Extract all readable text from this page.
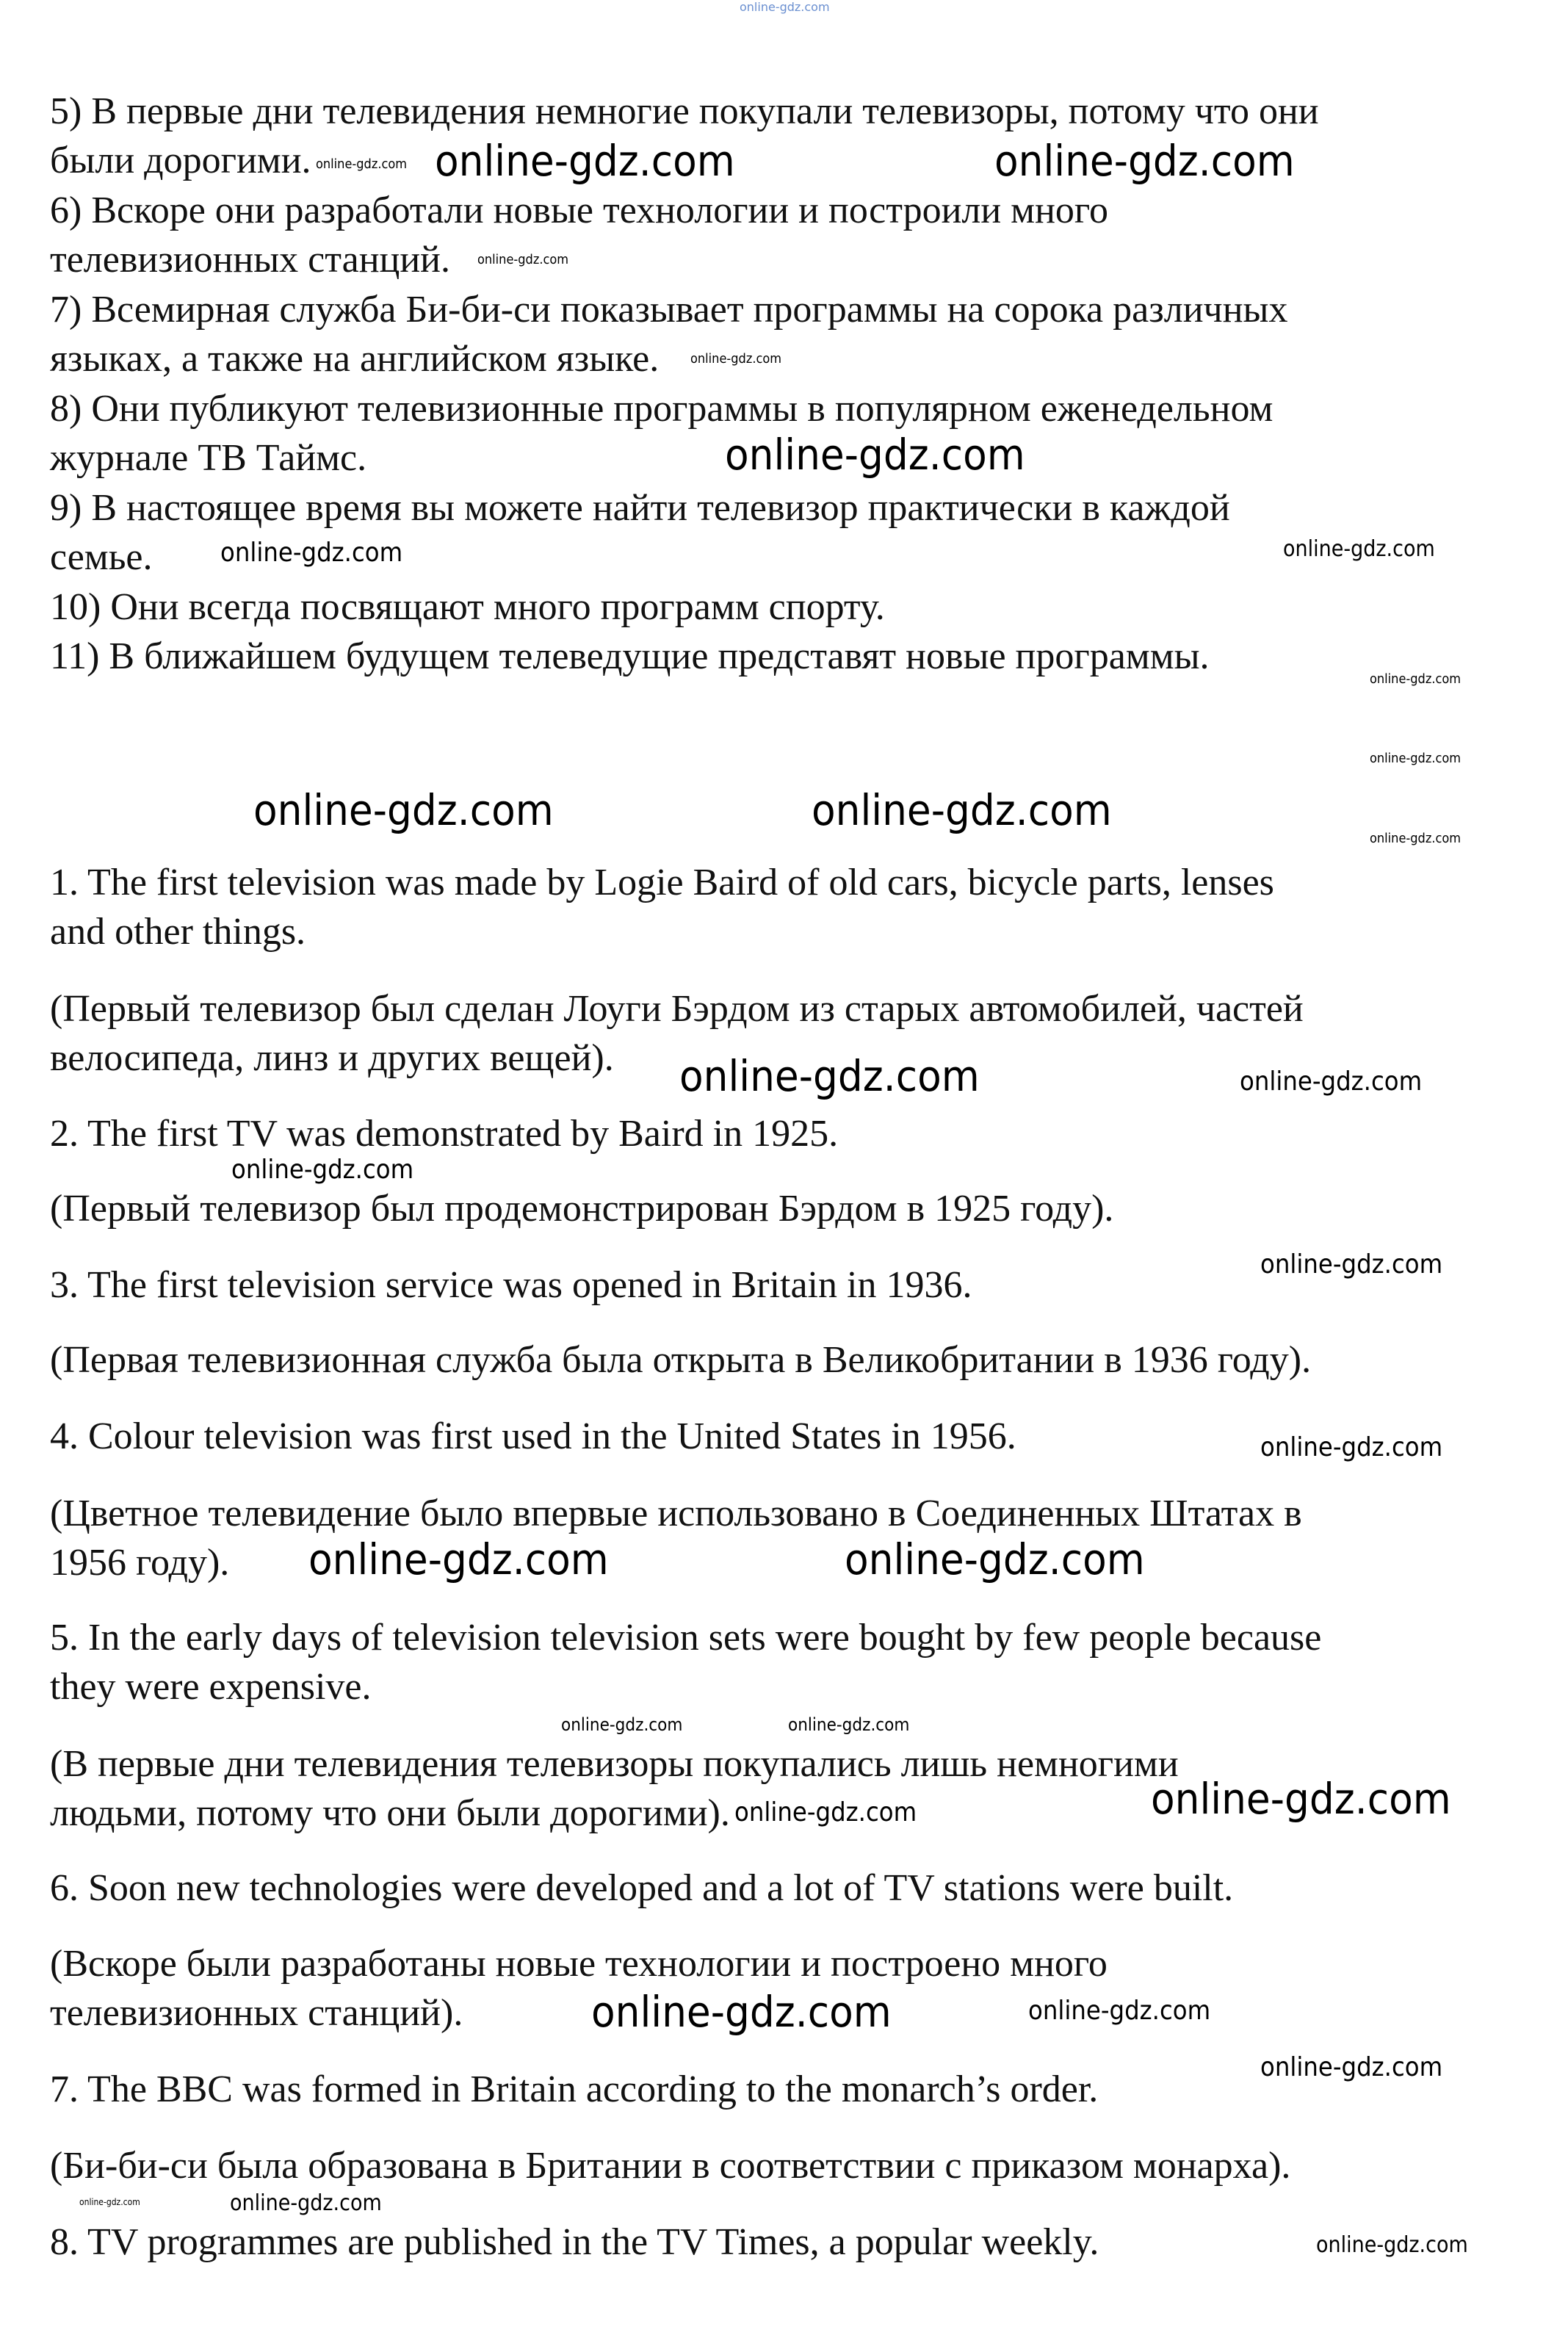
5) В первые дни телевидения немногие покупали телевизоры, потому что они
были дорогими.
6) Вскоре они разработали новые технологии и построили много
телевизионных станций.
7) Всемирная служба Би-би-си показывает программы на сорока различных
языках, а также на английском языке.
8) Они публикуют телевизионные программы в популярном еженедельном
журнале ТВ Таймс.
9) В настоящее время вы можете найти телевизор практически в каждой
семье.
10) Они всегда посвящают много программ спорту.
11) В ближайшем будущем телеведущие представят новые программы.
1. The first television was made by Logie Baird of old cars, bicycle parts, lenses
and other things.
(Первый телевизор был сделан Лоуги Бэрдом из старых автомобилей, частей
велосипеда, линз и других вещей).
2. The first TV was demonstrated by Baird in 1925.
(Первый телевизор был продемонстрирован Бэрдом в 1925 году).
3. The first television service was opened in Britain in 1936.
(Первая телевизионная служба была открыта в Великобритании в 1936 году).
4. Colour television was first used in the United States in 1956.
(Цветное телевидение было впервые использовано в Соединенных Штатах в
1956 году).
5. In the early days of television television sets were bought by few people because
they were expensive.
(В первые дни телевидения телевизоры покупались лишь немногими
людьми, потому что они были дорогими).
6. Soon new technologies were developed and a lot of TV stations were built.
(Вскоре были разработаны новые технологии и построено много
телевизионных станций).
7. The BBC was formed in Britain according to the monarch’s order.
(Би-би-си была образована в Британии в соответствии с приказом монарха).
8. TV programmes are published in the TV Times, a popular weekly.
online-gdz.com
online-gdz.com	online-gdz.com
online-gdz.com
online-gdz.com	online-gdz.com
online-gdz.com
online-gdz.com	online-gdz.com
online-gdz.com
online-gdz.com
online-gdz.com	online-gdz.com
online-gdz.com
online-gdz.com
online-gdz.com
online-gdz.com
online-gdz.com
online-gdz.com
online-gdz.com
online-gdz.com
online-gdz.com
online-gdz.com
online-gdz.com
online-gdz.com
online-gdz.com
online-gdz.com
online-gdz.com
online-gdz.com	online-gdz.com
online-gdz.com
